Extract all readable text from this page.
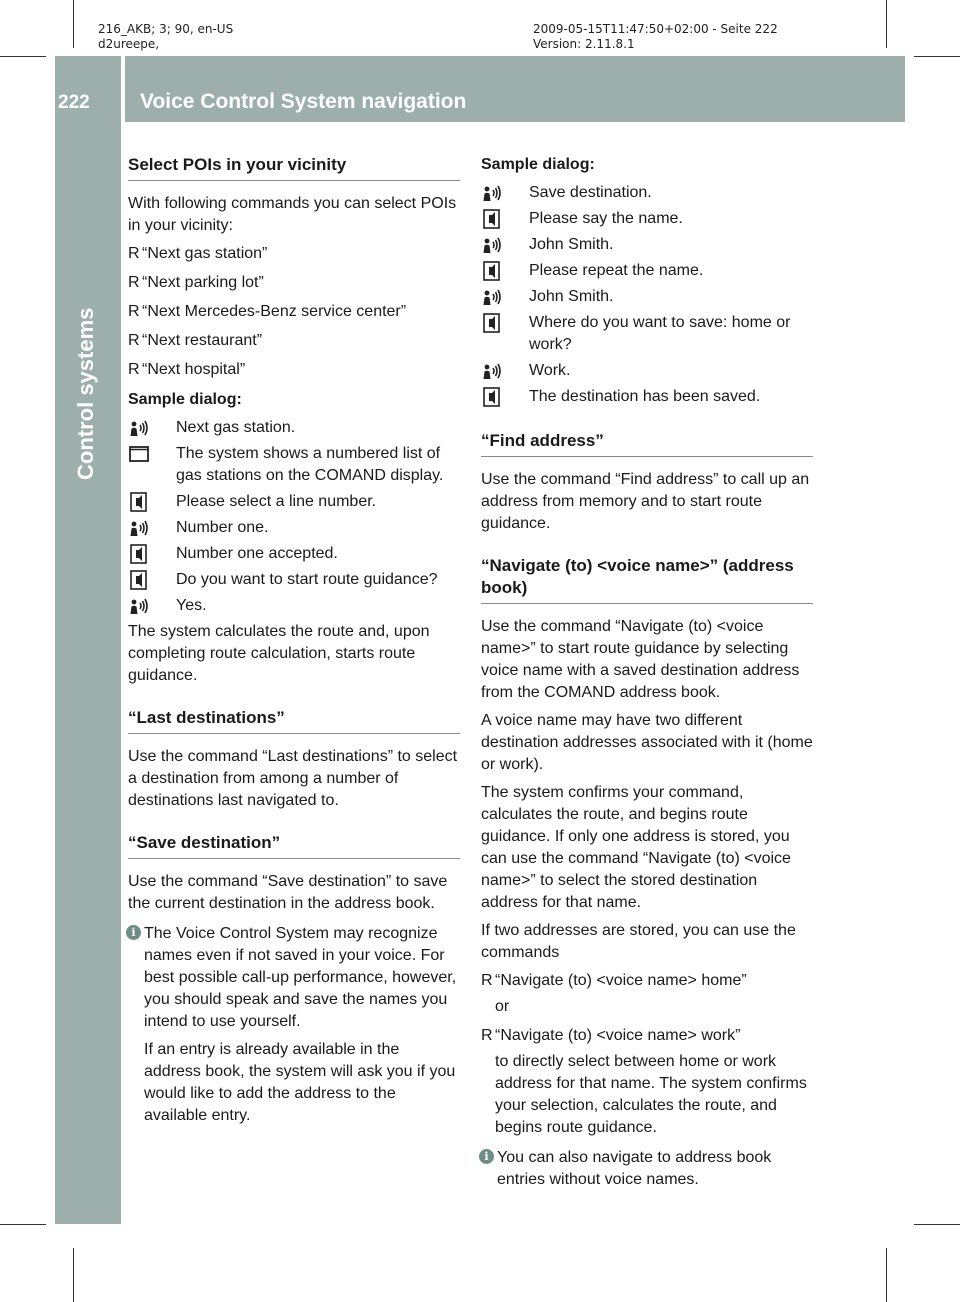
216_AKB; 3; 90, en-US
d2ureepe,
2009-05-15T11:47:50+02:00 - Seite 222
Version: 2.11.8.1
222 Voice Control System navigation
Control systems
Select POIs in your vicinity

With following commands you can select POIs in your vicinity:

R “Next gas station”
R “Next parking lot”
R “Next Mercedes-Benz service center”
R “Next restaurant”
R “Next hospital”
Sample dialog:
Next gas station.
The system shows a numbered list of gas stations on the COMAND display.
Please select a line number.
Number one.
Number one accepted.
Do you want to start route guidance?
Yes.

The system calculates the route and, upon completing route calculation, starts route guidance.

“Last destinations”

Use the command “Last destinations” to select a destination from among a number of destinations last navigated to.

“Save destination”

Use the command “Save destination” to save the current destination in the address book.

i The Voice Control System may recognize names even if not saved in your voice. For best possible call-up performance, however, you should speak and save the names you intend to use yourself.

If an entry is already available in the address book, the system will ask you if you would like to add the address to the available entry.

Sample dialog:
Save destination.
Please say the name.
John Smith.
Please repeat the name.
John Smith.
Where do you want to save: home or work?
Work.
The destination has been saved.
“Find address”

Use the command “Find address” to call up an address from memory and to start route guidance.

“Navigate (to) <voice name>” (address book)

Use the command “Navigate (to) <voice name>” to start route guidance by selecting voice name with a saved destination address from the COMAND address book.

A voice name may have two different destination addresses associated with it (home or work).

The system confirms your command, calculates the route, and begins route guidance. If only one address is stored, you can use the command “Navigate (to) <voice name>” to select the stored destination address for that name.

If two addresses are stored, you can use the commands

R “Navigate (to) <voice name> home”
or
R “Navigate (to) <voice name> work”
to directly select between home or work address for that name. The system confirms your selection, calculates the route, and begins route guidance.
i You can also navigate to address book entries without voice names.
